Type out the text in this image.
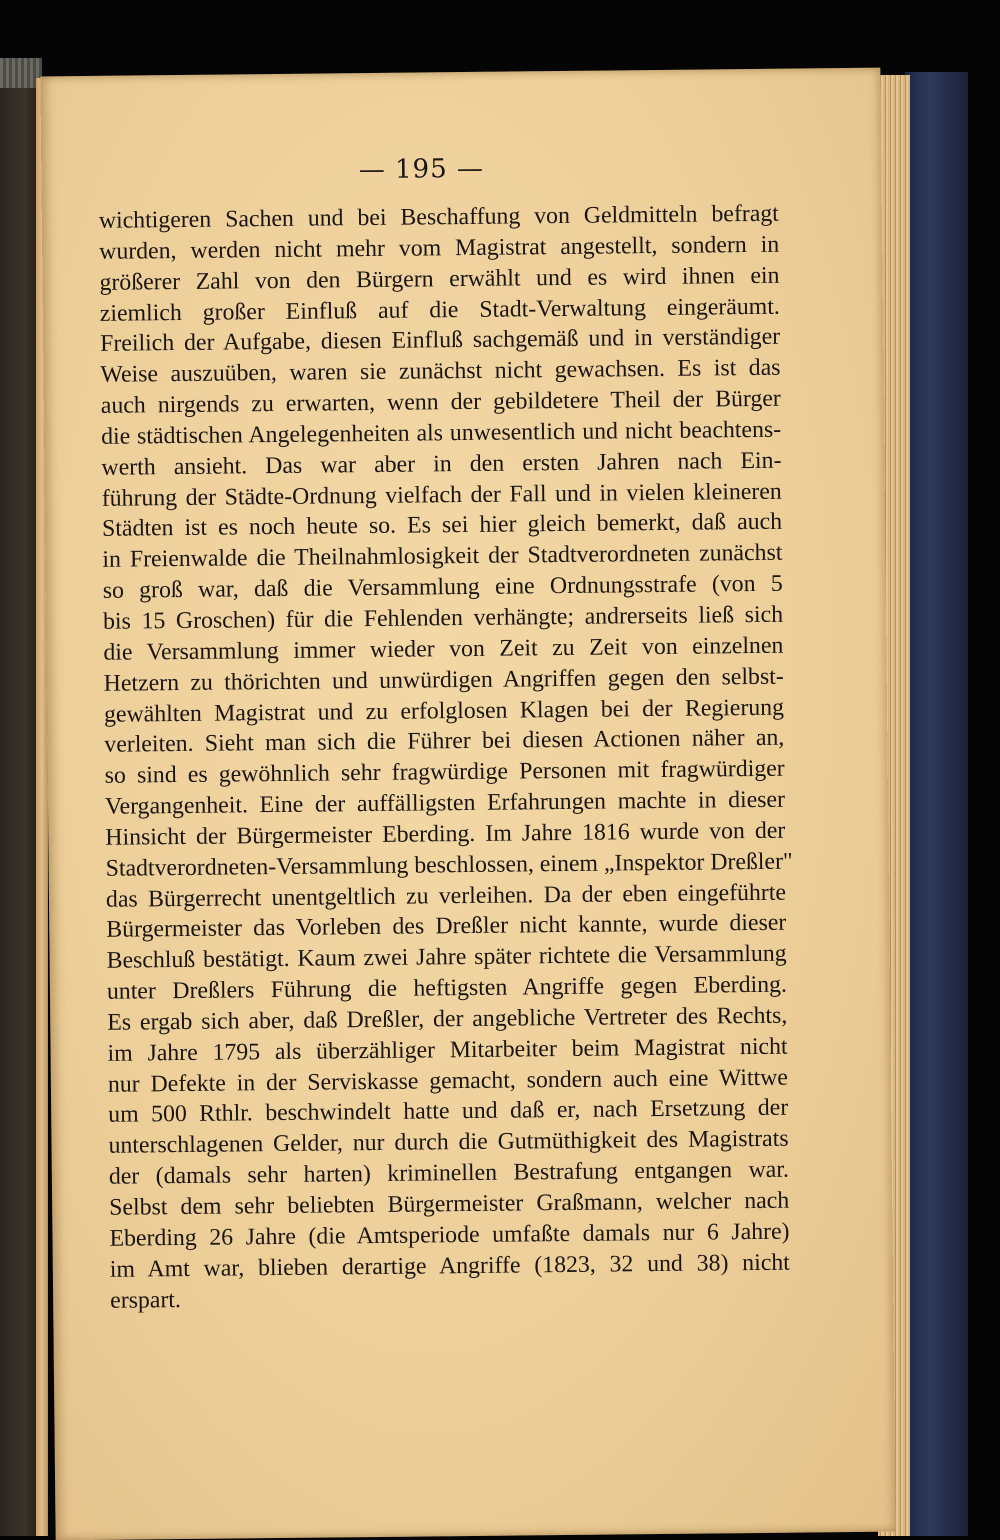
— 195 —
wichtigeren Sachen und bei Beschaffung von Geldmitteln befragt
wurden, werden nicht mehr vom Magistrat angestellt, sondern in
größerer Zahl von den Bürgern erwählt und es wird ihnen ein
ziemlich großer Einfluß auf die Stadt-Verwaltung eingeräumt.
Freilich der Aufgabe, diesen Einfluß sachgemäß und in verständiger
Weise auszuüben, waren sie zunächst nicht gewachsen. Es ist das
auch nirgends zu erwarten, wenn der gebildetere Theil der Bürger
die städtischen Angelegenheiten als unwesentlich und nicht beachtens-
werth ansieht. Das war aber in den ersten Jahren nach Ein-
führung der Städte-Ordnung vielfach der Fall und in vielen kleineren
Städten ist es noch heute so. Es sei hier gleich bemerkt, daß auch
in Freienwalde die Theilnahmlosigkeit der Stadtverordneten zunächst
so groß war, daß die Versammlung eine Ordnungsstrafe (von 5
bis 15 Groschen) für die Fehlenden verhängte; andrerseits ließ sich
die Versammlung immer wieder von Zeit zu Zeit von einzelnen
Hetzern zu thörichten und unwürdigen Angriffen gegen den selbst-
gewählten Magistrat und zu erfolglosen Klagen bei der Regierung
verleiten. Sieht man sich die Führer bei diesen Actionen näher an,
so sind es gewöhnlich sehr fragwürdige Personen mit fragwürdiger
Vergangenheit. Eine der auffälligsten Erfahrungen machte in dieser
Hinsicht der Bürgermeister Eberding. Im Jahre 1816 wurde von der
Stadtverordneten-Versammlung beschlossen, einem „Inspektor Dreßler"
das Bürgerrecht unentgeltlich zu verleihen. Da der eben eingeführte
Bürgermeister das Vorleben des Dreßler nicht kannte, wurde dieser
Beschluß bestätigt. Kaum zwei Jahre später richtete die Versammlung
unter Dreßlers Führung die heftigsten Angriffe gegen Eberding.
Es ergab sich aber, daß Dreßler, der angebliche Vertreter des Rechts,
im Jahre 1795 als überzähliger Mitarbeiter beim Magistrat nicht
nur Defekte in der Serviskasse gemacht, sondern auch eine Wittwe
um 500 Rthlr. beschwindelt hatte und daß er, nach Ersetzung der
unterschlagenen Gelder, nur durch die Gutmüthigkeit des Magistrats
der (damals sehr harten) kriminellen Bestrafung entgangen war.
Selbst dem sehr beliebten Bürgermeister Graßmann, welcher nach
Eberding 26 Jahre (die Amtsperiode umfaßte damals nur 6 Jahre)
im Amt war, blieben derartige Angriffe (1823, 32 und 38) nicht
erspart.
